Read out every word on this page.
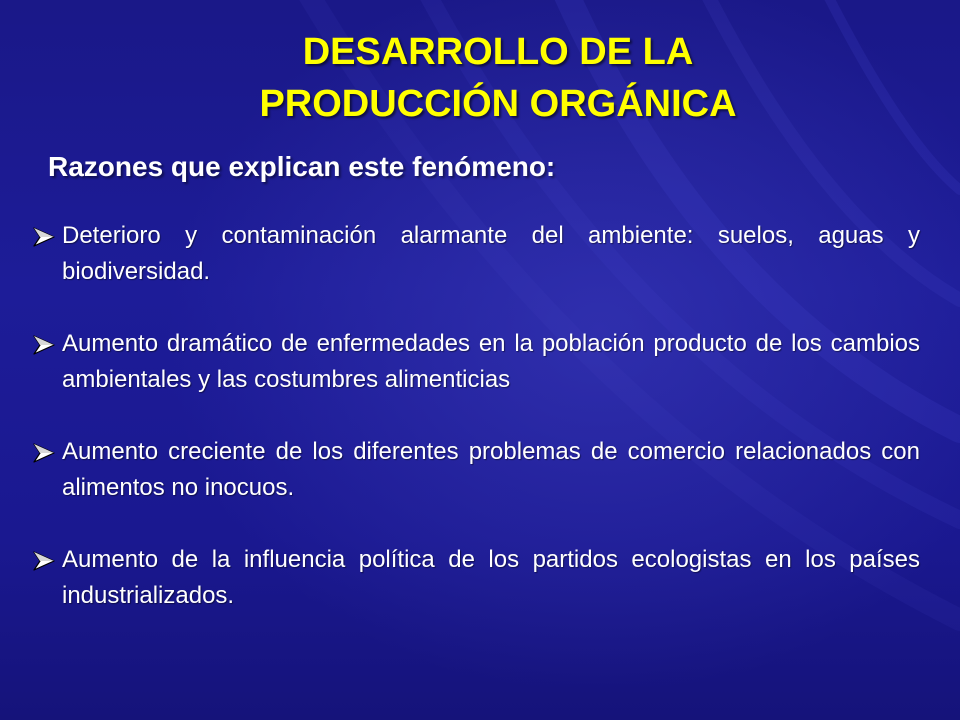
DESARROLLO DE LA
PRODUCCIÓN ORGÁNICA
Razones que explican este fenómeno:
Deterioro y contaminación alarmante del ambiente: suelos, aguas y biodiversidad.
Aumento dramático de enfermedades en la población producto de los cambios ambientales y las costumbres alimenticias
Aumento creciente de los diferentes problemas de comercio relacionados con alimentos no inocuos.
Aumento de la influencia política de los partidos ecologistas en los países industrializados.
